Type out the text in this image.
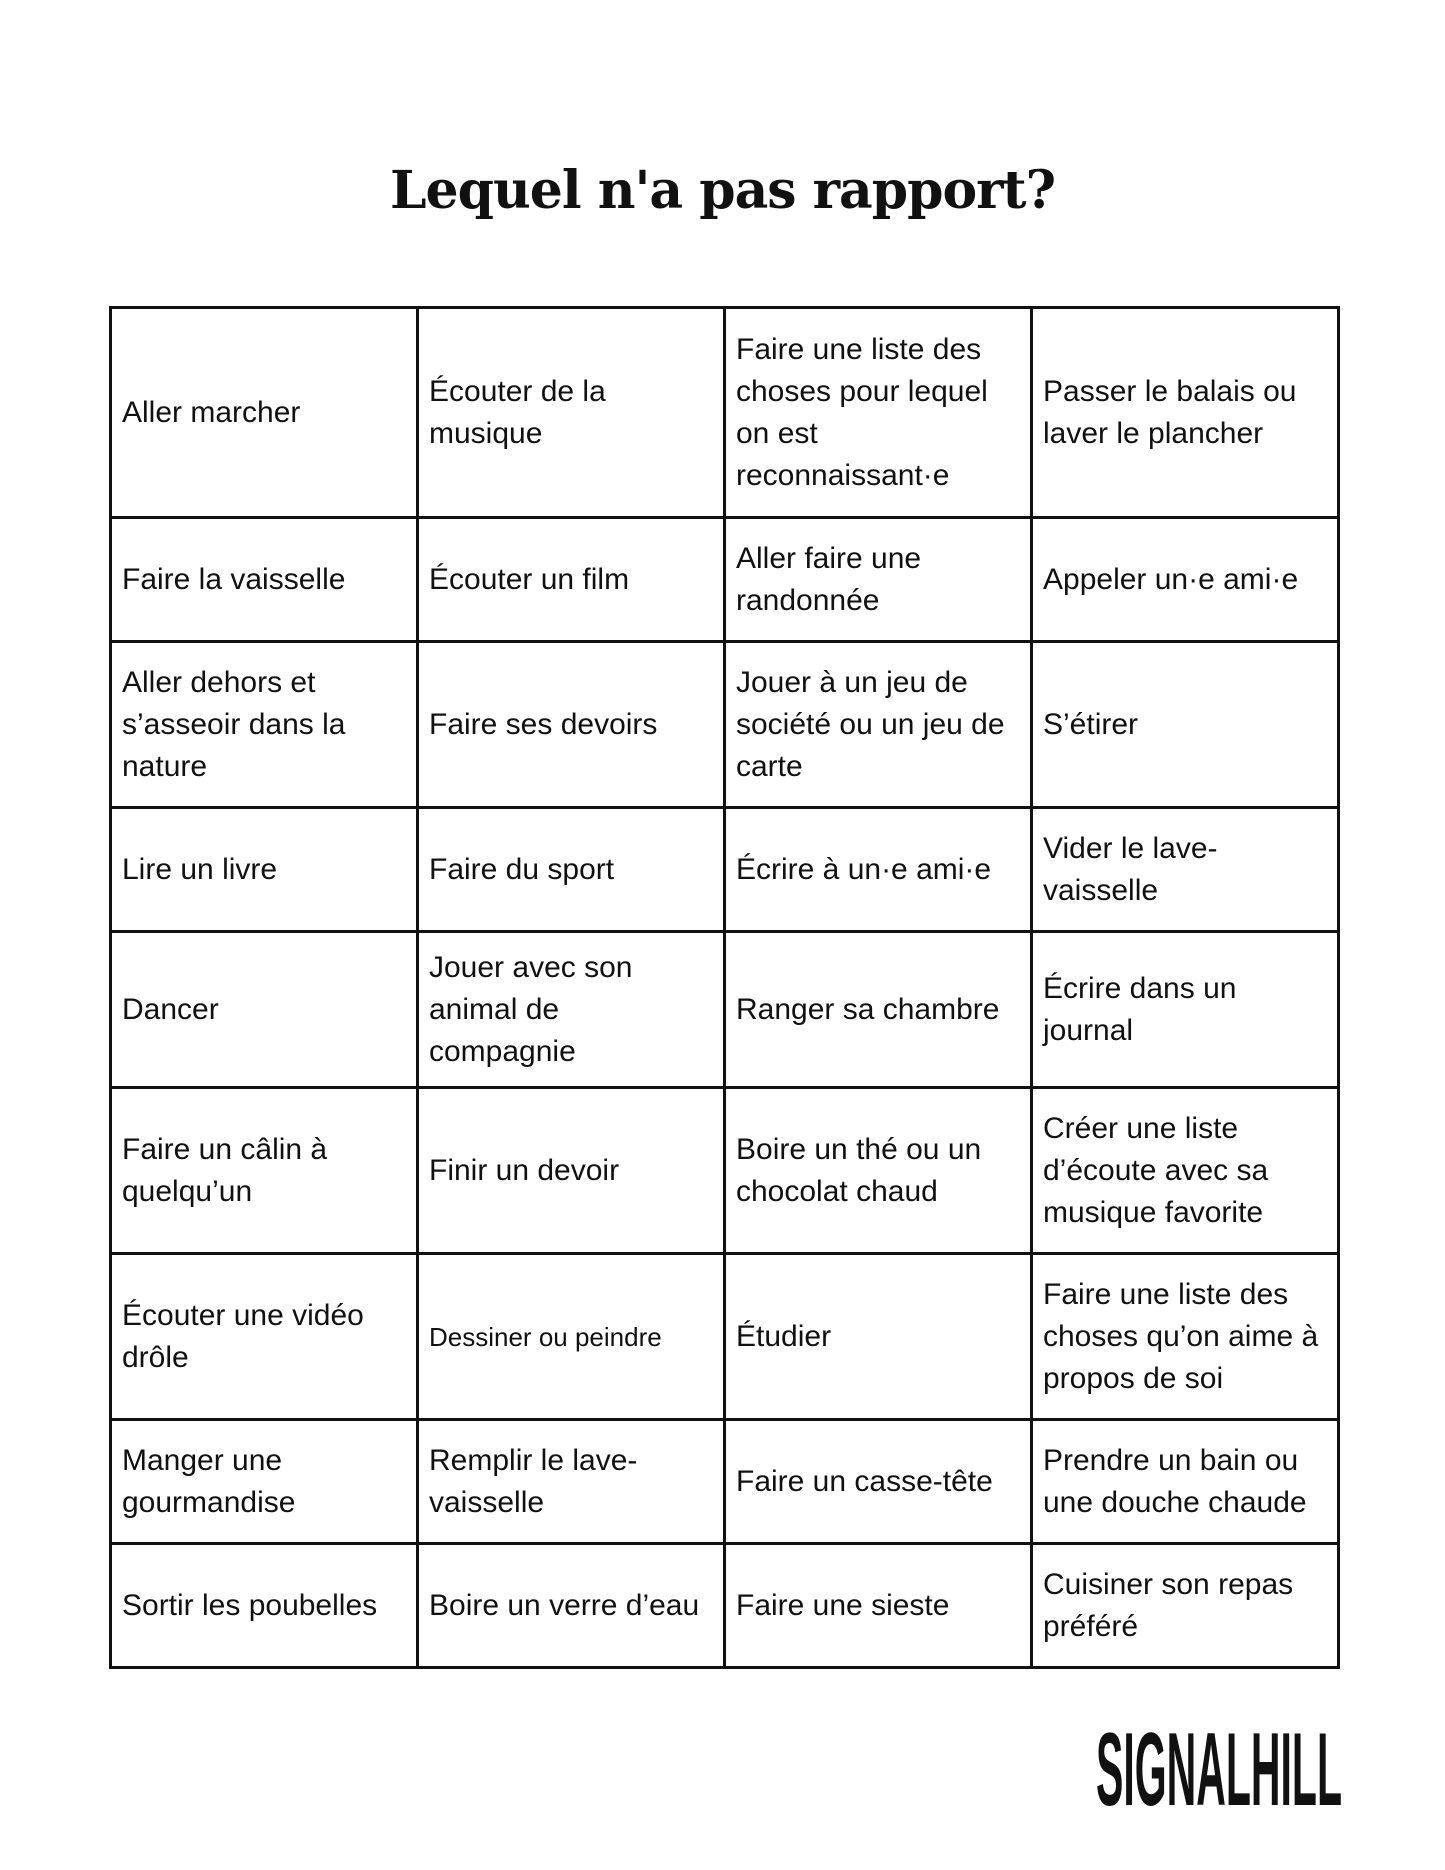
Lequel n'a pas rapport?
Aller marcher	Écouter de la musique	Faire une liste des choses pour lequel on est reconnaissant·e	Passer le balais ou laver le plancher
Faire la vaisselle	Écouter un film	Aller faire une randonnée	Appeler un·e ami·e
Aller dehors et s’asseoir dans la nature	Faire ses devoirs	Jouer à un jeu de société ou un jeu de carte	S’étirer
Lire un livre	Faire du sport	Écrire à un·e ami·e	Vider le lave-vaisselle
Dancer	Jouer avec son animal de compagnie	Ranger sa chambre	Écrire dans un journal
Faire un câlin à quelqu’un	Finir un devoir	Boire un thé ou un chocolat chaud	Créer une liste d’écoute avec sa musique favorite
Écouter une vidéo drôle	Dessiner ou peindre	Étudier	Faire une liste des choses qu’on aime à propos de soi
Manger une gourmandise	Remplir le lave-vaisselle	Faire un casse-tête	Prendre un bain ou une douche chaude
Sortir les poubelles	Boire un verre d’eau	Faire une sieste	Cuisiner son repas préféré
SIGNALHILL
